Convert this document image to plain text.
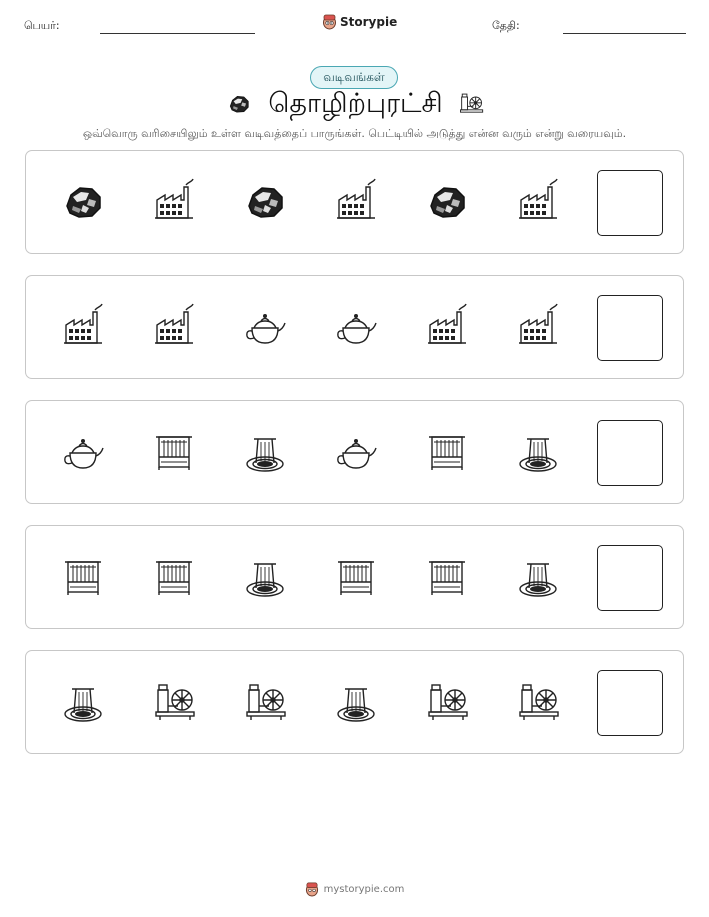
பெயர்:	Storypie	தேதி:
வடிவங்கள்
தொழிற்புரட்சி
ஒவ்வொரு வரிசையிலும் உள்ள வடிவத்தைப் பாருங்கள். பெட்டியில் அடுத்து என்ன வரும் என்று வரையவும்.
mystorypie.com
